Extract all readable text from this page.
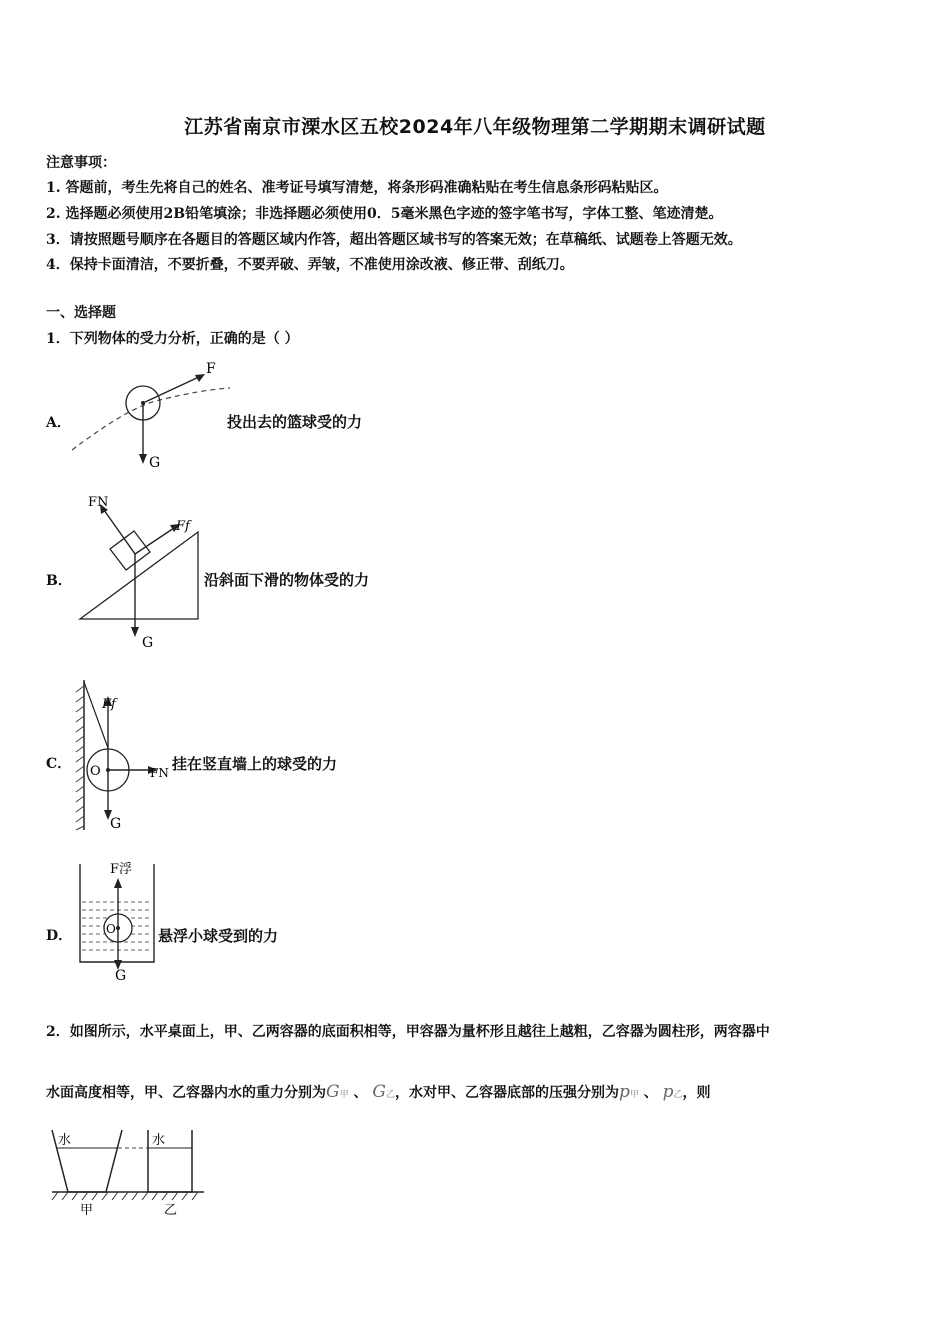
江苏省南京市溧水区五校2024年八年级物理第二学期期末调研试题
注意事项：
1. 答题前，考生先将自己的姓名、准考证号填写清楚，将条形码准确粘贴在考生信息条形码粘贴区。
2. 选择题必须使用2B铅笔填涂；非选择题必须使用0．5毫米黑色字迹的签字笔书写，字体工整、笔迹清楚。
3．请按照题号顺序在各题目的答题区域内作答，超出答题区域书写的答案无效；在草稿纸、试题卷上答题无效。
4．保持卡面清洁，不要折叠，不要弄破、弄皱，不准使用涂改液、修正带、刮纸刀。
一、选择题
1．下列物体的受力分析，正确的是（ ）
A．
F
G
投出去的篮球受的力
B．
FN
Ff
G
沿斜面下滑的物体受的力
C．
Ff
O	FN
G
挂在竖直墙上的球受的力
D．
F浮
O
G
悬浮小球受到的力
2．如图所示，水平桌面上，甲、乙两容器的底面积相等，甲容器为量杯形且越往上越粗，乙容器为圆柱形，两容器中
水面高度相等，甲、乙容器内水的重力分别为G甲 、 G乙，水对甲、乙容器底部的压强分别为p甲 、 p乙，则
水	水
甲	乙
